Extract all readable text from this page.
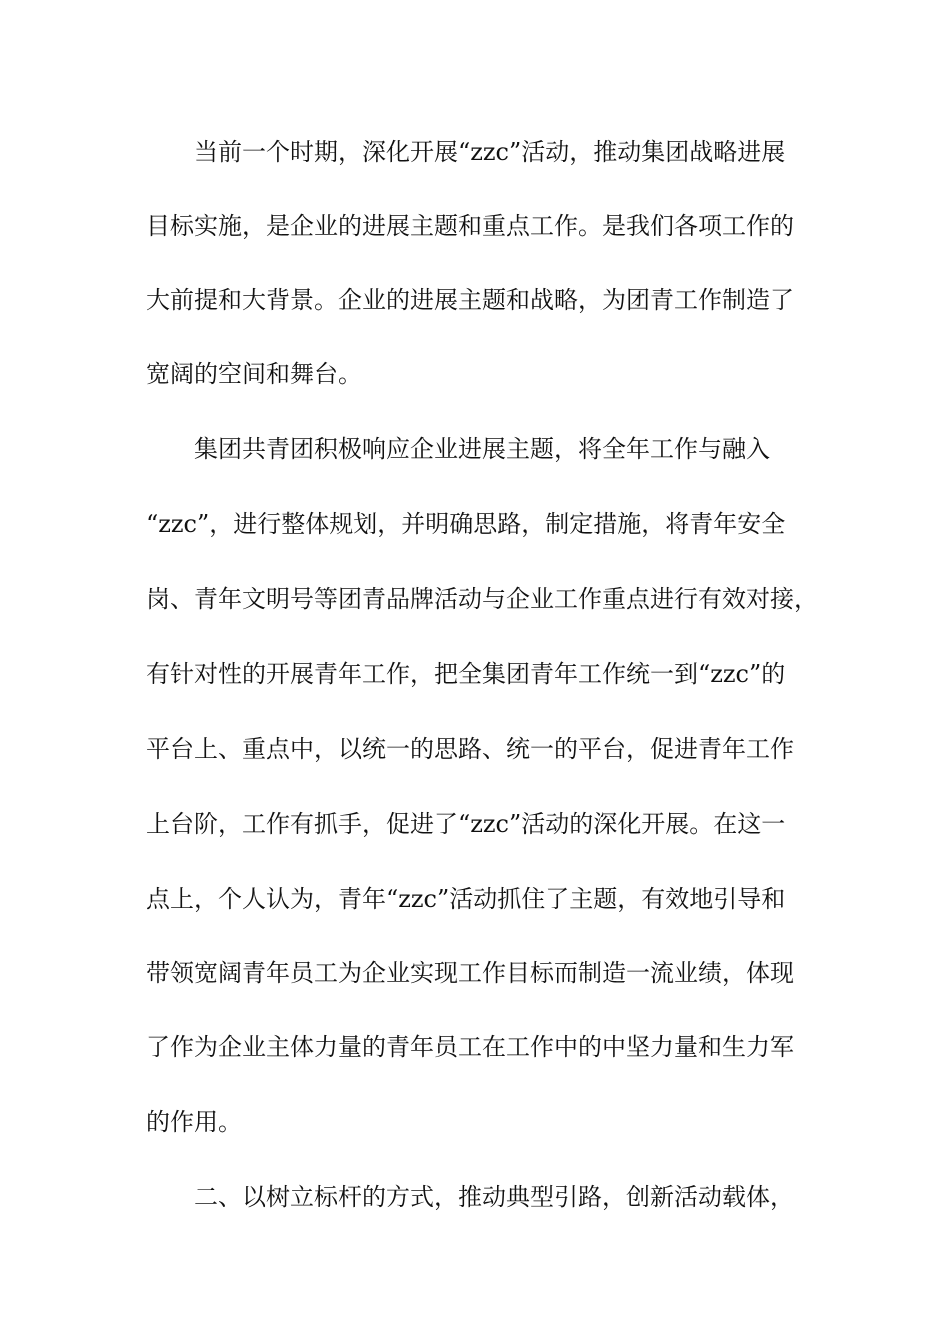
当前一个时期，深化开展“zzc”活动，推动集团战略进展

目标实施，是企业的进展主题和重点工作。是我们各项工作的

大前提和大背景。企业的进展主题和战略，为团青工作制造了

宽阔的空间和舞台。

集团共青团积极响应企业进展主题，将全年工作与融入

“zzc”，进行整体规划，并明确思路，制定措施，将青年安全

岗、青年文明号等团青品牌活动与企业工作重点进行有效对接，

有针对性的开展青年工作，把全集团青年工作统一到“zzc”的

平台上、重点中，以统一的思路、统一的平台，促进青年工作

上台阶，工作有抓手，促进了“zzc”活动的深化开展。在这一

点上，个人认为，青年“zzc”活动抓住了主题，有效地引导和

带领宽阔青年员工为企业实现工作目标而制造一流业绩，体现

了作为企业主体力量的青年员工在工作中的中坚力量和生力军

的作用。

二、以树立标杆的方式，推动典型引路，创新活动载体，
